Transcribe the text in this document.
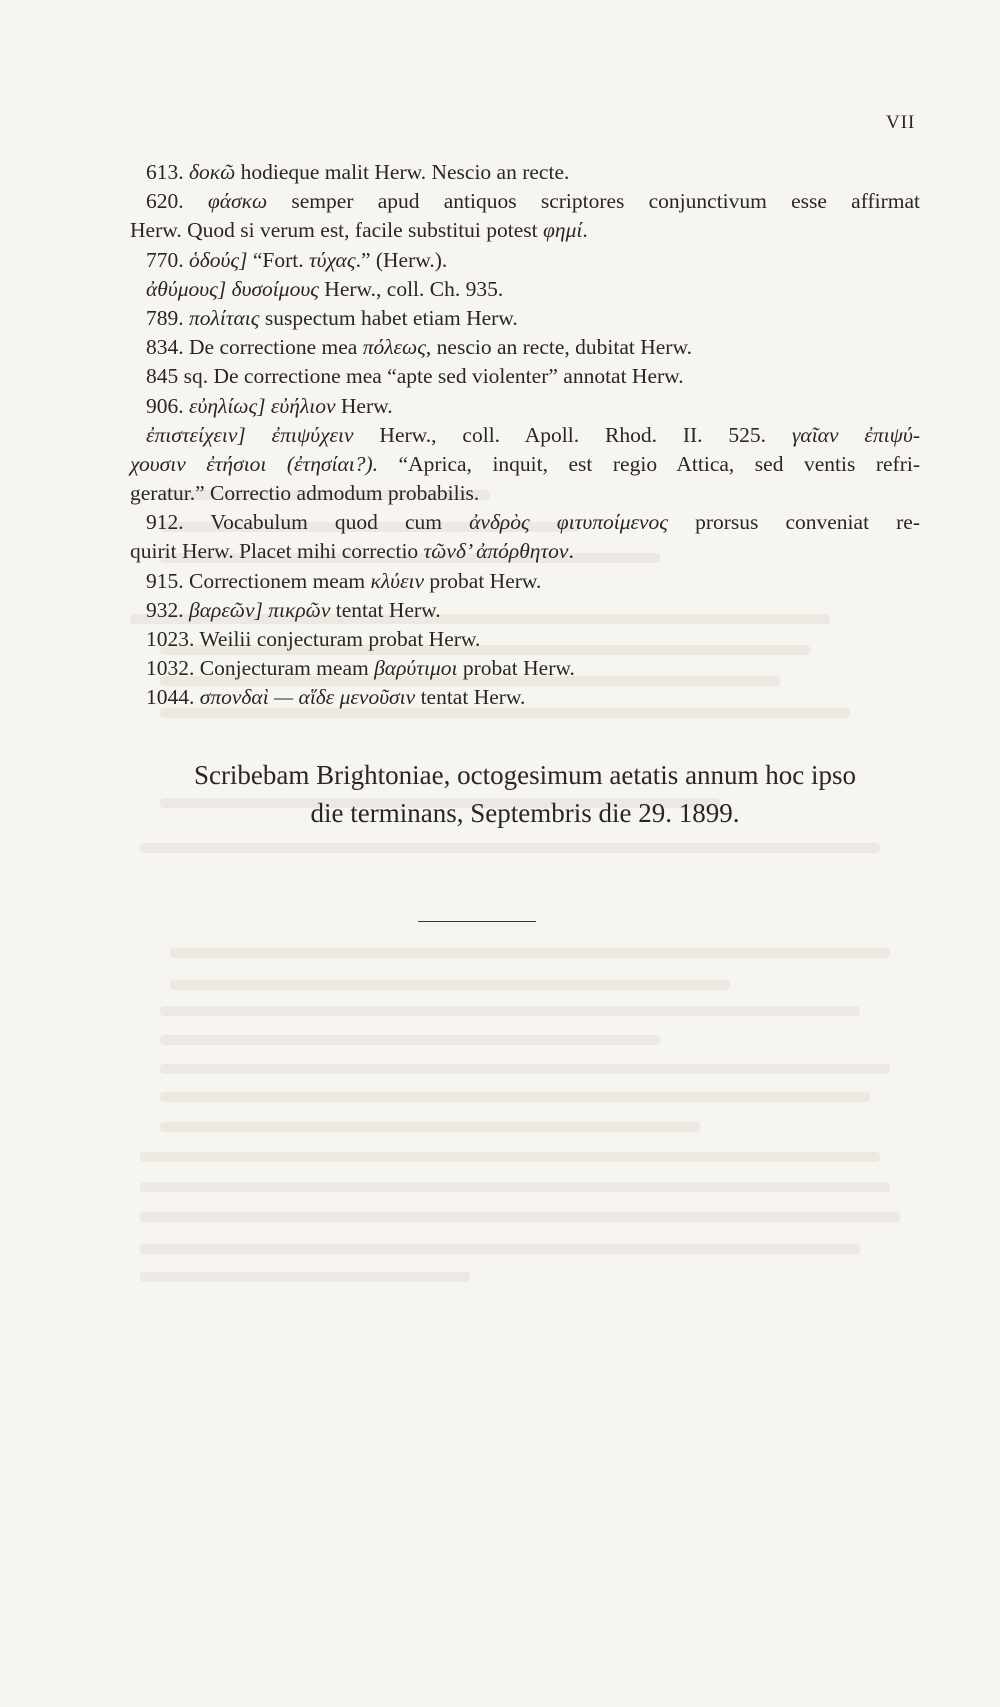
VII
613. δοκῶ hodieque malit Herw. Nescio an recte.
620. φάσκω semper apud antiquos scriptores conjunctivum esse affirmat
Herw. Quod si verum est, facile substitui potest φημί.
770. ὁδούς] “Fort. τύχας.” (Herw.).
ἀθύμους] δυσοίμους Herw., coll. Ch. 935.
789. πολίταις suspectum habet etiam Herw.
834. De correctione mea πόλεως, nescio an recte, dubitat Herw.
845 sq. De correctione mea “apte sed violenter” annotat Herw.
906. εὐηλίως] εὐήλιον Herw.
ἐπιστείχειν] ἐπιψύχειν Herw., coll. Apoll. Rhod. II. 525. γαῖαν ἐπιψύ-
χουσιν ἐτήσιοι (ἐτησίαι?). “Aprica, inquit, est regio Attica, sed ventis refri-
geratur.” Correctio admodum probabilis.
912. Vocabulum quod cum ἀνδρὸς φιτυποίμενος prorsus conveniat re-
quirit Herw. Placet mihi correctio τῶνδ’ ἀπόρθητον.
915. Correctionem meam κλύειν probat Herw.
932. βαρεῶν] πικρῶν tentat Herw.
1023. Weilii conjecturam probat Herw.
1032. Conjecturam meam βαρύτιμοι probat Herw.
1044. σπονδαὶ — αἵδε μενοῦσιν tentat Herw.
Scribebam Brightoniae, octogesimum aetatis annum hoc ipso
die terminans, Septembris die 29. 1899.
